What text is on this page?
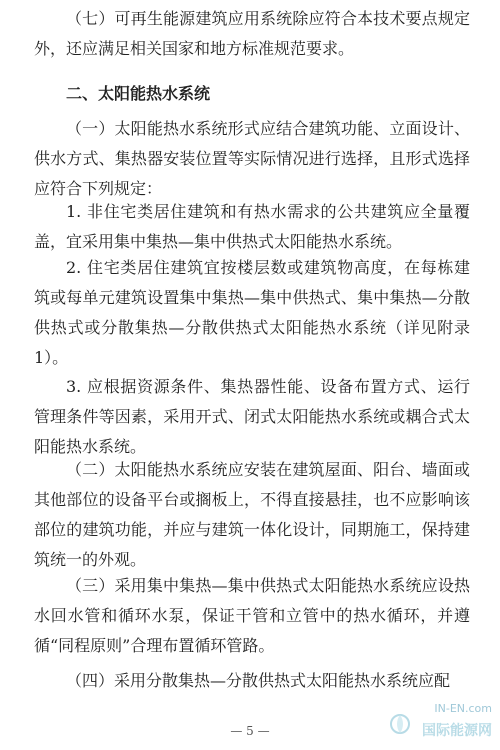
（七）可再生能源建筑应用系统除应符合本技术要点规定外，还应满足相关国家和地方标准规范要求。

二、太阳能热水系统

（一）太阳能热水系统形式应结合建筑功能、立面设计、供水方式、集热器安装位置等实际情况进行选择，且形式选择应符合下列规定：

1. 非住宅类居住建筑和有热水需求的公共建筑应全量覆盖，宜采用集中集热—集中供热式太阳能热水系统。

2. 住宅类居住建筑宜按楼层数或建筑物高度，在每栋建筑或每单元建筑设置集中集热—集中供热式、集中集热—分散供热式或分散集热—分散供热式太阳能热水系统（详见附录1）。

3. 应根据资源条件、集热器性能、设备布置方式、运行管理条件等因素，采用开式、闭式太阳能热水系统或耦合式太阳能热水系统。

（二）太阳能热水系统应安装在建筑屋面、阳台、墙面或其他部位的设备平台或搁板上，不得直接悬挂，也不应影响该部位的建筑功能，并应与建筑一体化设计，同期施工，保持建筑统一的外观。

（三）采用集中集热—集中供热式太阳能热水系统应设热水回水管和循环水泵，保证干管和立管中的热水循环，并遵循“同程原则”合理布置循环管路。

（四）采用分散集热—分散供热式太阳能热水系统应配

— 5 —
IN-EN.com
国际能源网
